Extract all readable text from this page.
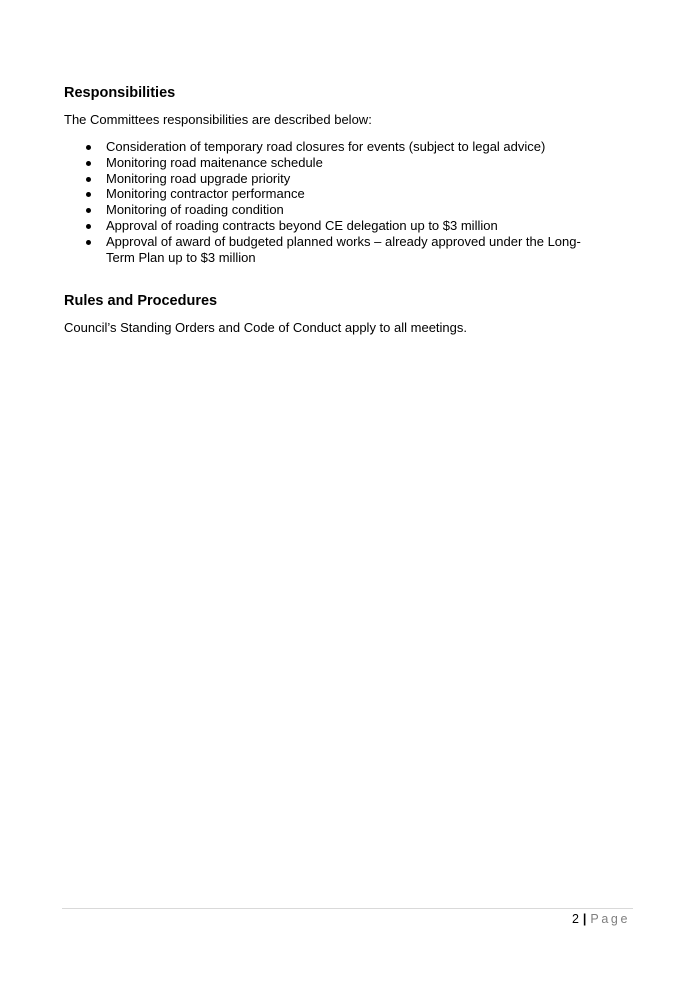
Responsibilities

The Committees responsibilities are described below:

Consideration of temporary road closures for events (subject to legal advice)
Monitoring road maitenance schedule
Monitoring road upgrade priority
Monitoring contractor performance
Monitoring of roading condition
Approval of roading contracts beyond CE delegation up to $3 million
Approval of award of budgeted planned works – already approved under the Long-Term Plan up to $3 million
Rules and Procedures

Council’s Standing Orders and Code of Conduct apply to all meetings.

2 | Page
